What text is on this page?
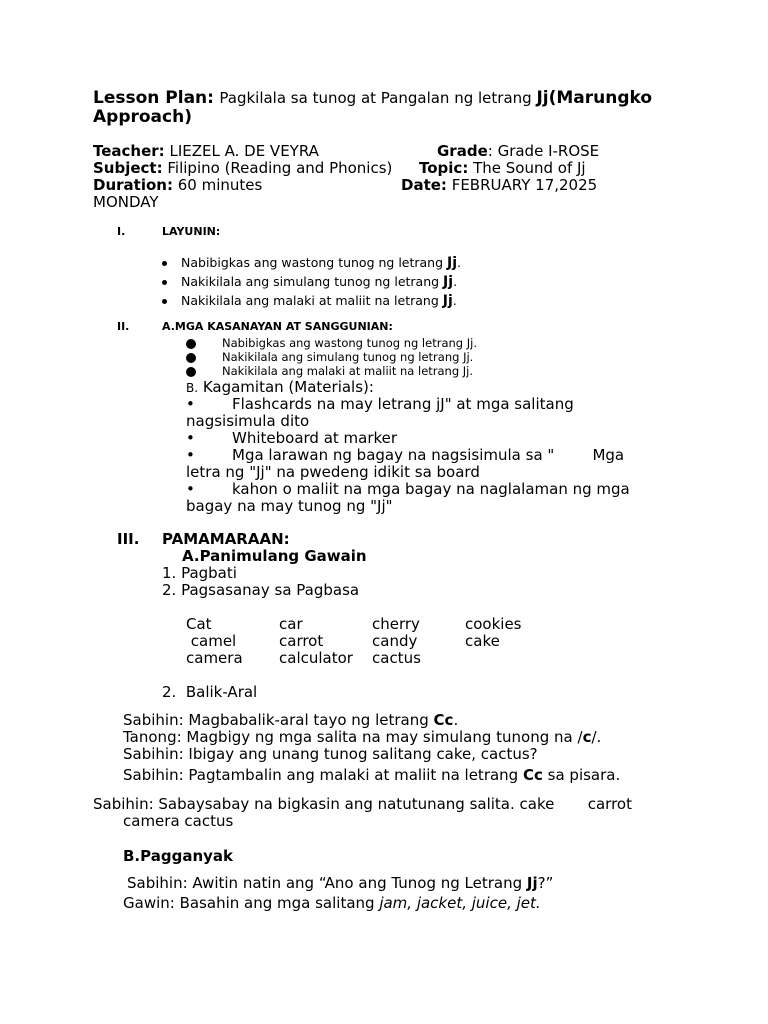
Lesson Plan: Pagkilala sa tunog at Pangalan ng letrang Jj(Marungko
Approach)
Teacher: LIEZEL A. DE VEYRA	Grade: Grade I-ROSE
Subject: Filipino (Reading and Phonics) Topic: The Sound of Jj
Duration: 60 minutes	Date: FEBRUARY 17,2025
MONDAY
I.	LAYUNIN:
Nabibigkas ang wastong tunog ng letrang Jj.
Nakikilala ang simulang tunog ng letrang Jj.
Nakikilala ang malaki at maliit na letrang Jj.
II.	A.MGA KASANAYAN AT SANGGUNIAN:
Nabibigkas ang wastong tunog ng letrang Jj.
Nakikilala ang simulang tunog ng letrang Jj.
Nakikilala ang malaki at maliit na letrang Jj.
B. Kagamitan (Materials):
• Flashcards na may letrang jJ" at mga salitang
nagsisimula dito
• Whiteboard at marker
• Mga larawan ng bagay na nagsisimula sa "        Mga
letra ng "Jj" na pwedeng idikit sa board
• kahon o maliit na mga bagay na naglalaman ng mga
bagay na may tunog ng "Jj"
III. PAMAMARAAN:
A.Panimulang Gawain
1. Pagbati
2. Pagsasanay sa Pagbasa
Cat	car	cherry	cookies
camel	carrot	candy	cake
camera calculator cactus
2.  Balik-Aral
Sabihin: Magbabalik-aral tayo ng letrang Cc.
Tanong: Magbigy ng mga salita na may simulang tunong na /c/.
Sabihin: Ibigay ang unang tunog salitang cake, cactus?
Sabihin: Pagtambalin ang malaki at maliit na letrang Cc sa pisara.
Sabihin: Sabaysabay na bigkasin ang natutunang salita. cake       carrot
camera cactus
B.Pagganyak
Sabihin: Awitin natin ang “Ano ang Tunog ng Letrang Jj?”
Gawin: Basahin ang mga salitang jam, jacket, juice, jet.
